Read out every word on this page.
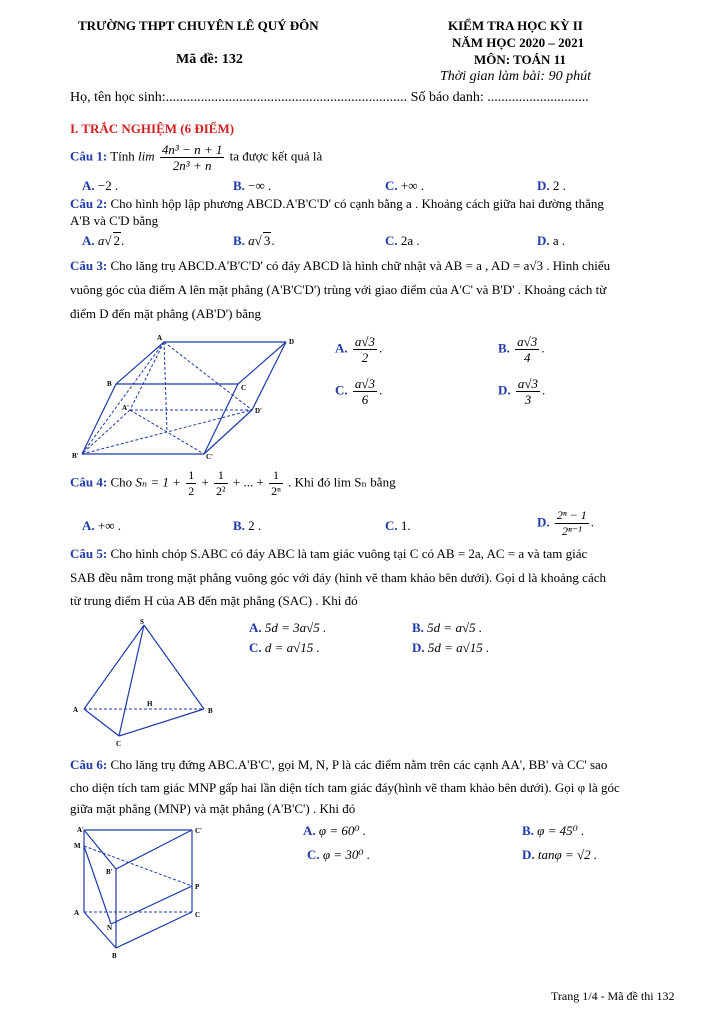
TRƯỜNG THPT CHUYÊN LÊ QUÝ ĐÔN
Mã đề: 132
KIỂM TRA HỌC KỲ II
NĂM HỌC 2020 – 2021
MÔN: TOÁN 11
Thời gian làm bài: 90 phút
Họ, tên học sinh:..................................................................... Số báo danh: .............................
I. TRẮC NGHIỆM (6 ĐIỂM)
Câu 1: Tính $\lim \frac{\text{4n³ − n + 1}}{\text{2n³ + n}}$ ta được kết quả là
A. −2 .	B. −∞ .	C. +∞ .	D. 2 .
Câu 2: Cho hình hộp lập phương ABCD.A'B'C'D' có cạnh bằng a . Khoảng cách giữa hai đường thẳng
A'B và C'D bằng
A. a√ 2.	B. a√ 3.	C. 2a .	D. a .
Câu 3: Cho lăng trụ ABCD.A'B'C'D' có đáy ABCD là hình chữ nhật và AB = a , AD = a√3 . Hình chiếu
vuông góc của điểm A lên mặt phẳng (A'B'C'D') trùng với giao điểm của A'C' và B'D' . Khoảng cách từ
điểm D đến mặt phẳng (AB'D') bằng
A	D
B	C
A'	D'
B'	C'
A. $\frac{a√3}{2}$ .	B. $\frac{a√3}{4}$ .
C. $\frac{a√3}{6}$ .	D. $\frac{a√3}{3}$ .
Câu 4: Cho $S_n = 1 + \frac{1}{2} + \frac{1}{\text{2²}}$ + ... + $\frac{1}{\text{2ⁿ}}$ . Khi đó lim Sₙ bằng
A. +∞ .	B. 2 .	C. 1.	D. $\frac{\text{2ⁿ − 1}}{\text{2ⁿ⁻¹}}$ .
Câu 5: Cho hình chóp S.ABC có đáy ABC là tam giác vuông tại C có AB = 2a, AC = a và tam giác
SAB đều nằm trong mặt phẳng vuông góc với đáy (hình vẽ tham khảo bên dưới). Gọi d là khoảng cách
từ trung điểm H của AB đến mặt phẳng (SAC) . Khi đó
S
A
H
B
C
A. 5d = 3a√5 .	B. 5d = a√5 .
C. d = a√15 .	D. 5d = a√15 .
Câu 6: Cho lăng trụ đứng ABC.A'B'C', gọi M, N, P là các điểm nằm trên các cạnh AA', BB' và CC' sao
cho diện tích tam giác MNP gấp hai lần diện tích tam giác đáy(hình vẽ tham khảo bên dưới). Gọi φ là góc
giữa mặt phẳng (MNP) và mặt phẳng (A'B'C') . Khi đó
A'	C'
M
B'
P
A	C
N
B
A. φ = 60⁰ .	B. φ = 45⁰ .
C. φ = 30⁰ .	D. tanφ = √2 .
Trang 1/4 - Mã đề thi 132
